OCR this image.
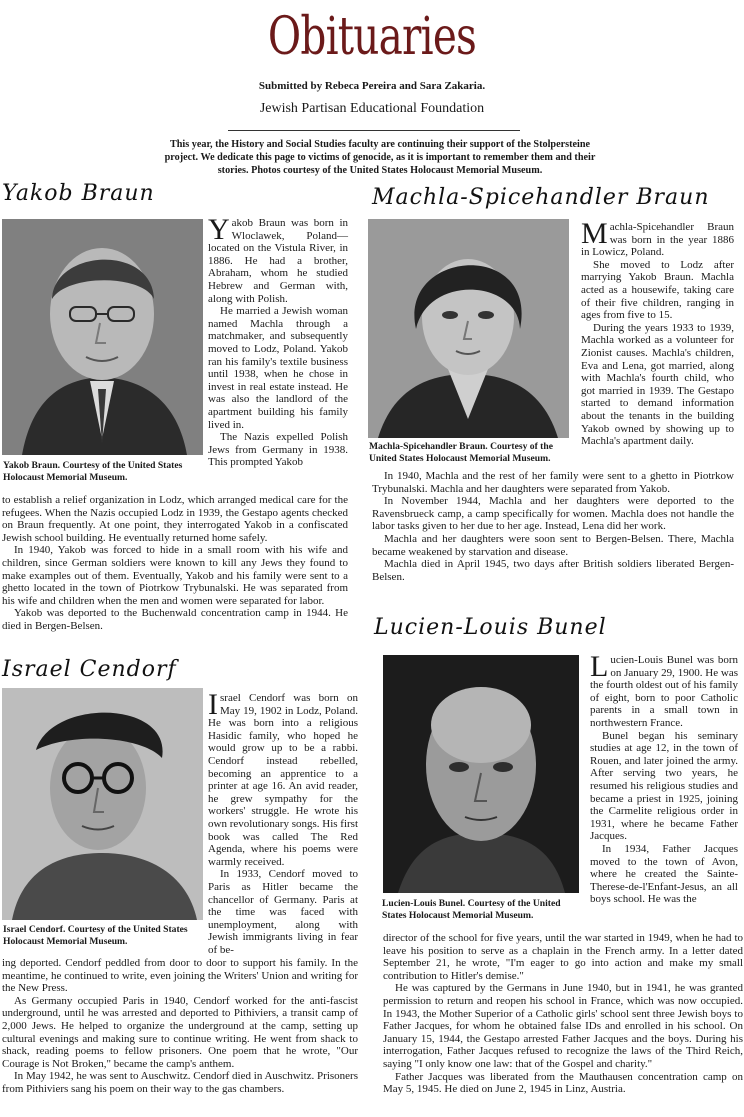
Obituaries
Submitted by Rebeca Pereira and Sara Zakaria.
Jewish Partisan Educational Foundation
This year, the History and Social Studies faculty are continuing their support of the Stolpersteine project. We dedicate this page to victims of genocide, as it is important to remember them and their stories. Photos courtesy of the United States Holocaust Memorial Museum.
Yakob Braun
Yakob Braun. Courtesy of the United States Holocaust Memorial Museum.

Yakob Braun was born in Wloclawek, Poland—located on the Vistula River, in 1886. He had a brother, Abraham, whom he studied Hebrew and German with, along with Polish.

He married a Jewish woman named Machla through a matchmaker, and subsequently moved to Lodz, Poland. Yakob ran his family's textile business until 1938, when he chose in invest in real estate instead. He was also the landlord of the apartment building his family lived in.

The Nazis expelled Polish Jews from Germany in 1938. This prompted Yakob

to establish a relief organization in Lodz, which arranged medical care for the refugees. When the Nazis occupied Lodz in 1939, the Gestapo agents checked on Braun frequently. At one point, they interrogated Yakob in a confiscated Jewish school building. He eventually returned home safely.

In 1940, Yakob was forced to hide in a small room with his wife and children, since German soldiers were known to kill any Jews they found to make examples out of them. Eventually, Yakob and his family were sent to a ghetto located in the town of Piotrkow Trybunalski. He was separated from his wife and children when the men and women were separated for labor.

Yakob was deported to the Buchenwald concentration camp in 1944. He died in Bergen-Belsen.

Israel Cendorf
Israel Cendorf. Courtesy of the United States Holocaust Memorial Museum.

Israel Cendorf was born on May 19, 1902 in Lodz, Poland. He was born into a religious Hasidic family, who hoped he would grow up to be a rabbi. Cendorf instead rebelled, becoming an apprentice to a printer at age 16. An avid reader, he grew sympathy for the workers' struggle. He wrote his own revolutionary songs. His first book was called The Red Agenda, where his poems were warmly received.

In 1933, Cendorf moved to Paris as Hitler became the chancellor of Germany. Paris at the time was faced with unemployment, along with Jewish immigrants living in fear of be-

ing deported. Cendorf peddled from door to door to support his family. In the meantime, he continued to write, even joining the Writers' Union and writing for the New Press.

As Germany occupied Paris in 1940, Cendorf worked for the anti-fascist underground, until he was arrested and deported to Pithiviers, a transit camp of 2,000 Jews. He helped to organize the underground at the camp, setting up cultural evenings and making sure to continue writing. He went from shack to shack, reading poems to fellow prisoners. One poem that he wrote, "Our Courage is Not Broken," became the camp's anthem.

In May 1942, he was sent to Auschwitz. Cendorf died in Auschwitz. Prisoners from Pithiviers sang his poem on their way to the gas chambers.

Machla-Spicehandler Braun
Machla-Spicehandler Braun. Courtesy of the United States Holocaust Memorial Museum.

Machla-Spicehandler Braun was born in the year 1886 in Lowicz, Poland.

She moved to Lodz after marrying Yakob Braun. Machla acted as a housewife, taking care of their five children, ranging in ages from five to 15.

During the years 1933 to 1939, Machla worked as a volunteer for Zionist causes. Machla's children, Eva and Lena, got married, along with Machla's fourth child, who got married in 1939. The Gestapo started to demand information about the tenants in the building Yakob owned by showing up to Machla's apartment daily.

In 1940, Machla and the rest of her family were sent to a ghetto in Piotrkow Trybunalski. Machla and her daughters were separated from Yakob.

In November 1944, Machla and her daughters were deported to the Ravensbrueck camp, a camp specifically for women. Machla does not handle the labor tasks given to her due to her age. Instead, Lena did her work.

Machla and her daughters were soon sent to Bergen-Belsen. There, Machla became weakened by starvation and disease.

Machla died in April 1945, two days after British soldiers liberated Bergen-Belsen.

Lucien-Louis Bunel
Lucien-Louis Bunel. Courtesy of the United States Holocaust Memorial Museum.

Lucien-Louis Bunel was born on January 29, 1900. He was the fourth oldest out of his family of eight, born to poor Catholic parents in a small town in northwestern France.

Bunel began his seminary studies at age 12, in the town of Rouen, and later joined the army. After serving two years, he resumed his religious studies and became a priest in 1925, joining the Carmelite religious order in 1931, where he became Father Jacques.

In 1934, Father Jacques moved to the town of Avon, where he created the Sainte-Therese-de-l'Enfant-Jesus, an all boys school. He was the

director of the school for five years, until the war started in 1949, when he had to leave his position to serve as a chaplain in the French army. In a letter dated September 21, he wrote, "I'm eager to go into action and make my small contribution to Hitler's demise."

He was captured by the Germans in June 1940, but in 1941, he was granted permission to return and reopen his school in France, which was now occupied. In 1943, the Mother Superior of a Catholic girls' school sent three Jewish boys to Father Jacques, for whom he obtained false IDs and enrolled in his school. On January 15, 1944, the Gestapo arrested Father Jacques and the boys. During his interrogation, Father Jacques refused to recognize the laws of the Third Reich, saying "I only know one law: that of the Gospel and charity."

Father Jacques was liberated from the Mauthausen concentration camp on May 5, 1945. He died on June 2, 1945 in Linz, Austria.
